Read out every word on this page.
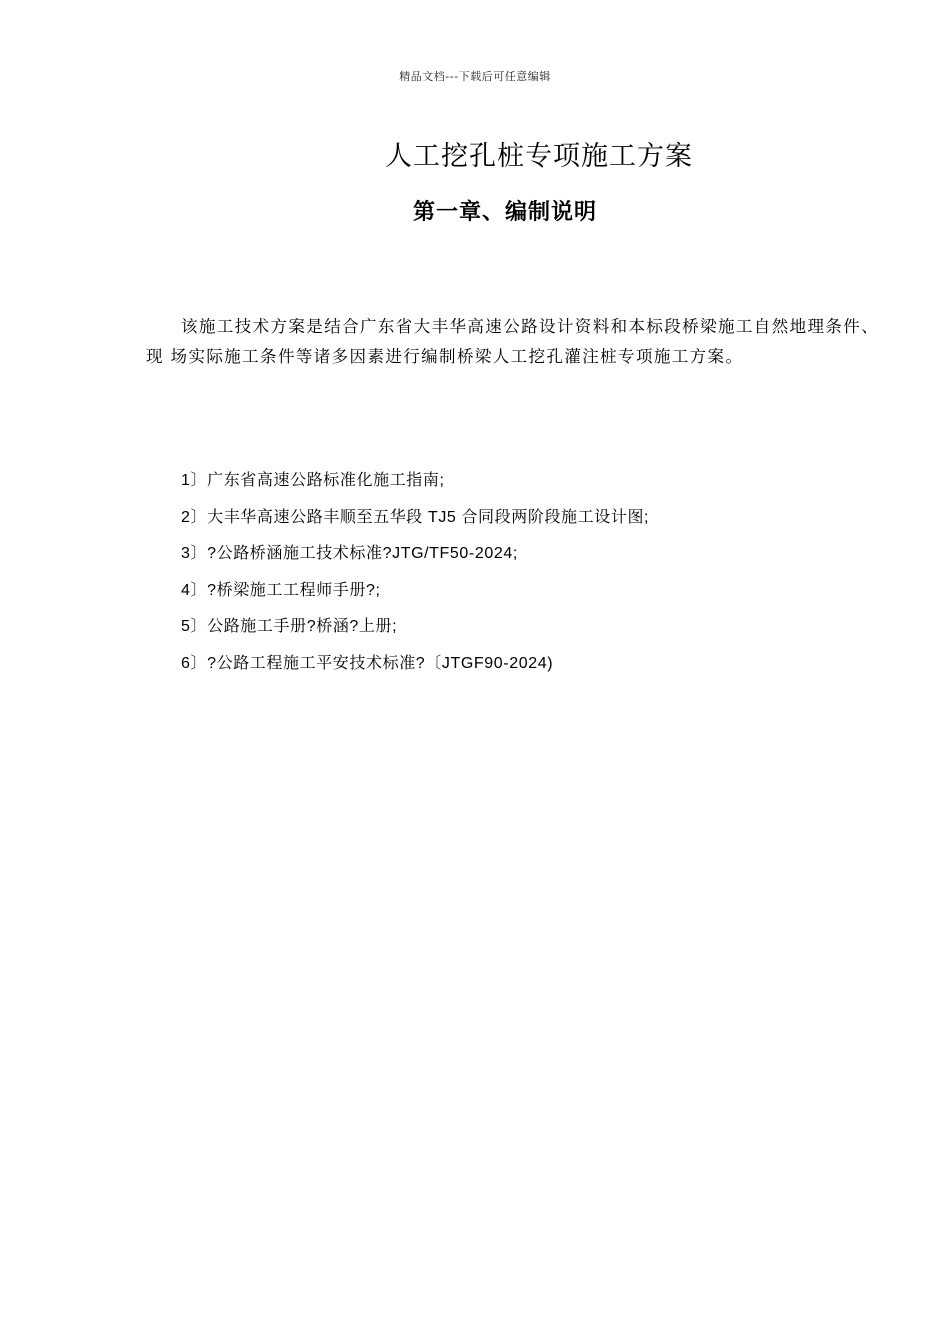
精品文档---下载后可任意编辑
人工挖孔桩专项施工方案
第一章、编制说明
该施工技术方案是结合广东省大丰华高速公路设计资料和本标段桥梁施工自然地理条件、现 场实际施工条件等诸多因素进行编制桥梁人工挖孔灌注桩专项施工方案。
1〕广东省高速公路标准化施工指南;
2〕大丰华高速公路丰顺至五华段 TJ5 合同段两阶段施工设计图;
3〕?公路桥涵施工技术标准?JTG/TF50-2024;
4〕?桥梁施工工程师手册?;
5〕公路施工手册?桥涵?上册;
6〕?公路工程施工平安技术标准?〔JTGF90-2024)
